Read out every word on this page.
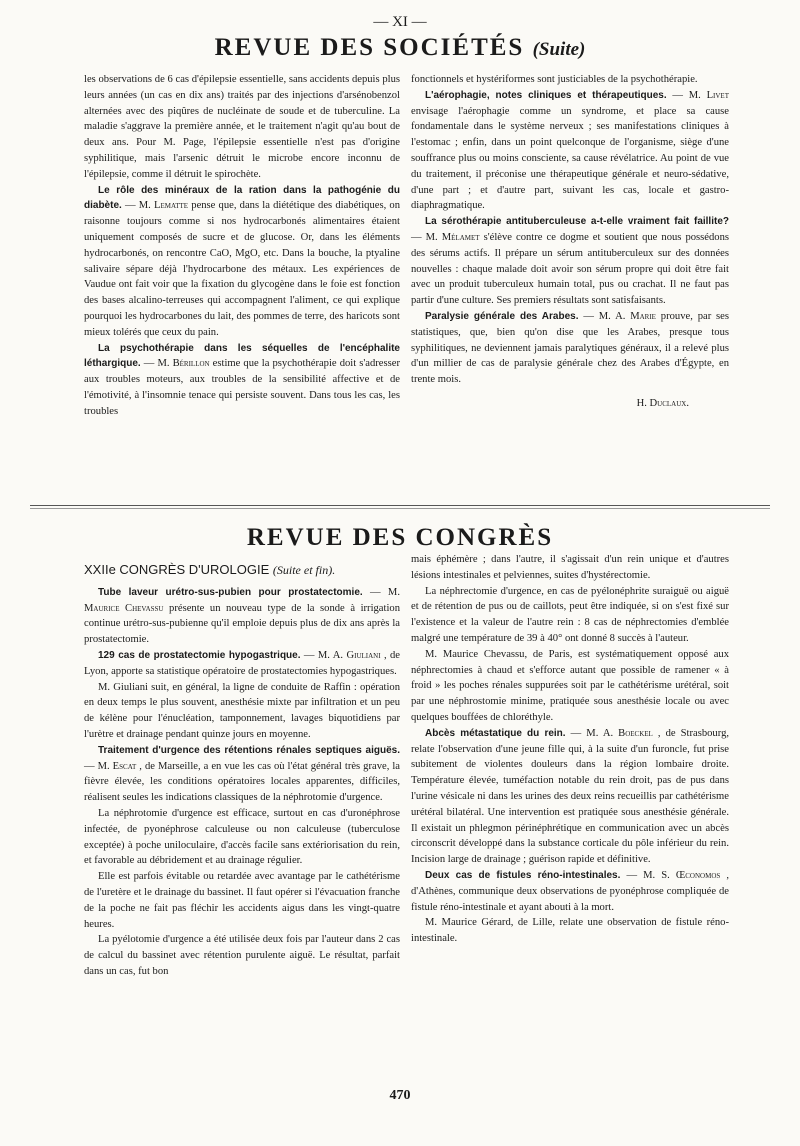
— XI —
REVUE DES SOCIÉTÉS (Suite)

les observations de 6 cas d'épilepsie essentielle, sans accidents depuis plus leurs années (un cas en dix ans) traités par des injections d'arsénobenzol alternées avec des piqûres de nucléinate de soude et de tuberculine. La maladie s'aggrave la première année, et le traitement n'agit qu'au bout de deux ans. Pour M. Page, l'épilepsie essentielle n'est pas d'origine syphilitique, mais l'arsenic détruit le microbe encore inconnu de l'épilepsie, comme il détruit le spirochète.

Le rôle des minéraux de la ration dans la pathogénie du diabète. — M. Lematte pense que, dans la diététique des diabétiques, on raisonne toujours comme si nos hydrocarbonés alimentaires étaient uniquement composés de sucre et de glucose. Or, dans les éléments hydrocarbonés, on rencontre CaO, MgO, etc. Dans la bouche, la ptyaline salivaire sépare déjà l'hydrocarbone des métaux. Les expériences de Vaudue ont fait voir que la fixation du glycogène dans le foie est fonction des bases alcalino-terreuses qui accompagnent l'aliment, ce qui explique pourquoi les hydrocarbones du lait, des pommes de terre, des haricots sont mieux tolérés que ceux du pain.

La psychothérapie dans les séquelles de l'encéphalite léthargique. — M. Bérillon estime que la psychothérapie doit s'adresser aux troubles moteurs, aux troubles de la sensibilité affective et de l'émotivité, à l'insomnie tenace qui persiste souvent. Dans tous les cas, les troubles

fonctionnels et hystériformes sont justiciables de la psychothérapie.

L'aérophagie, notes cliniques et thérapeutiques. — M. Livet envisage l'aérophagie comme un syndrome, et place sa cause fondamentale dans le système nerveux ; ses manifestations cliniques à l'estomac ; enfin, dans un point quelconque de l'organisme, siège d'une souffrance plus ou moins consciente, sa cause révélatrice. Au point de vue du traitement, il préconise une thérapeutique générale et neuro-sédative, d'une part ; et d'autre part, suivant les cas, locale et gastro-diaphragmatique.

La sérothérapie antituberculeuse a-t-elle vraiment fait faillite? — M. Mélamet s'élève contre ce dogme et soutient que nous possédons des sérums actifs. Il prépare un sérum antituberculeux sur des données nouvelles : chaque malade doit avoir son sérum propre qui doit être fait avec un produit tuberculeux humain total, pus ou crachat. Il ne faut pas partir d'une culture. Ses premiers résultats sont satisfaisants.

Paralysie générale des Arabes. — M. A. Marie prouve, par ses statistiques, que, bien qu'on dise que les Arabes, presque tous syphilitiques, ne deviennent jamais paralytiques généraux, il a relevé plus d'un millier de cas de paralysie générale chez des Arabes d'Égypte, en trente mois.

H. Duclaux.
REVUE DES CONGRÈS
XXIIe CONGRÈS D'UROLOGIE (Suite et fin).

Tube laveur urétro-sus-pubien pour prostatectomie. — M. Maurice Chevassu présente un nouveau type de la sonde à irrigation continue urétro-sus-pubienne qu'il emploie depuis plus de dix ans après la prostatectomie.

129 cas de prostatectomie hypogastrique. — M. A. Giuliani , de Lyon, apporte sa statistique opératoire de prostatectomies hypogastriques.

M. Giuliani suit, en général, la ligne de conduite de Raffin : opération en deux temps le plus souvent, anesthésie mixte par infiltration et un peu de kélène pour l'énucléation, tamponnement, lavages biquotidiens par l'urètre et drainage pendant quinze jours en moyenne.

Traitement d'urgence des rétentions rénales septiques aiguës. — M. Escat , de Marseille, a en vue les cas où l'état général très grave, la fièvre élevée, les conditions opératoires locales apparentes, difficiles, réalisent seules les indications classiques de la néphrotomie d'urgence.

La néphrotomie d'urgence est efficace, surtout en cas d'uronéphrose infectée, de pyonéphrose calculeuse ou non calculeuse (tuberculose exceptée) à poche uniloculaire, d'accès facile sans extériorisation du rein, et favorable au débridement et au drainage régulier.

Elle est parfois évitable ou retardée avec avantage par le cathétérisme de l'uretère et le drainage du bassinet. Il faut opérer si l'évacuation franche de la poche ne fait pas fléchir les accidents aigus dans les vingt-quatre heures.

La pyélotomie d'urgence a été utilisée deux fois par l'auteur dans 2 cas de calcul du bassinet avec rétention purulente aiguë. Le résultat, parfait dans un cas, fut bon

mais éphémère ; dans l'autre, il s'agissait d'un rein unique et d'autres lésions intestinales et pelviennes, suites d'hystérectomie.

La néphrectomie d'urgence, en cas de pyélonéphrite suraiguë ou aiguë et de rétention de pus ou de caillots, peut être indiquée, si on s'est fixé sur l'existence et la valeur de l'autre rein : 8 cas de néphrectomies d'emblée malgré une température de 39 à 40° ont donné 8 succès à l'auteur.

M. Maurice Chevassu, de Paris, est systématiquement opposé aux néphrectomies à chaud et s'efforce autant que possible de ramener « à froid » les poches rénales suppurées soit par le cathétérisme urétéral, soit par une néphrostomie minime, pratiquée sous anesthésie locale ou avec quelques bouffées de chloréthyle.

Abcès métastatique du rein. — M. A. Boeckel , de Strasbourg, relate l'observation d'une jeune fille qui, à la suite d'un furoncle, fut prise subitement de violentes douleurs dans la région lombaire droite. Température élevée, tuméfaction notable du rein droit, pas de pus dans l'urine vésicale ni dans les urines des deux reins recueillis par cathétérisme urétéral bilatéral. Une intervention est pratiquée sous anesthésie générale. Il existait un phlegmon périnéphrétique en communication avec un abcès circonscrit développé dans la substance corticale du pôle inférieur du rein. Incision large de drainage ; guérison rapide et définitive.

Deux cas de fistules réno-intestinales. — M. S. Œconomos , d'Athènes, communique deux observations de pyonéphrose compliquée de fistule réno-intestinale et ayant abouti à la mort.

M. Maurice Gérard, de Lille, relate une observation de fistule réno-intestinale.

470
